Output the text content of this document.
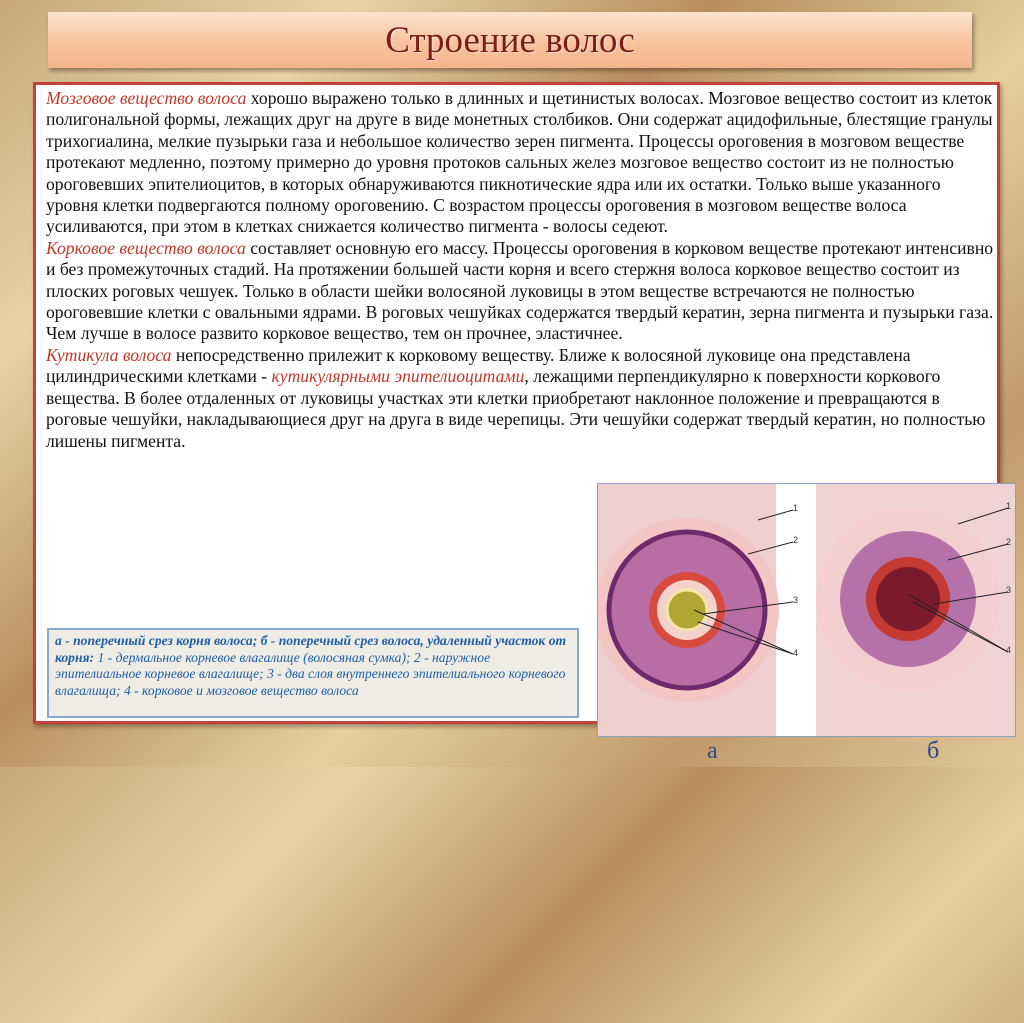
Строение волос
Мозговое вещество волоса хорошо выражено только в длинных и щетинистых волосах. Мозговое вещество состоит из клеток полигональной формы, лежащих друг на друге в виде монетных столбиков. Они содержат ацидофильные, блестящие гранулы трихогиалина, мелкие пузырьки газа и небольшое количество зерен пигмента. Процессы ороговения в мозговом веществе протекают медленно, поэтому примерно до уровня протоков сальных желез мозговое вещество состоит из не полностью ороговевших эпителиоцитов, в которых обнаруживаются пикнотические ядра или их остатки. Только выше указанного уровня клетки подвергаются полному ороговению. С возрастом процессы ороговения в мозговом веществе волоса усиливаются, при этом в клетках снижается количество пигмента - волосы седеют.
Корковое вещество волоса составляет основную его массу. Процессы ороговения в корковом веществе протекают интенсивно и без промежуточных стадий. На протяжении большей части корня и всего стержня волоса корковое вещество состоит из плоских роговых чешуек. Только в области шейки волосяной луковицы в этом веществе встречаются не полностью ороговевшие клетки с овальными ядрами. В роговых чешуйках содержатся твердый кератин, зерна пигмента и пузырьки газа. Чем лучше в волосе развито корковое вещество, тем он прочнее, эластичнее.
Кутикула волоса непосредственно прилежит к корковому веществу. Ближе к волосяной луковице она представлена цилиндрическими клетками - кутикулярными эпителиоцитами, лежащими перпендикулярно к поверхности коркового вещества. В более отдаленных от луковицы участках эти клетки приобретают наклонное положение и превращаются в роговые чешуйки, накладывающиеся друг на друга в виде черепицы. Эти чешуйки содержат твердый кератин, но полностью лишены пигмента.
а - поперечный срез корня волоса; б - поперечный срез волоса, удаленный участок от корня: 1 - дермальное корневое влагалище (волосяная сумка); 2 - наружное эпителиальное корневое влагалище; 3 - два слоя внутреннего эпителиального корневого влагалища; 4 - корковое и мозговое вещество волоса
1
2
3
4
1
2
3
4
а	б
